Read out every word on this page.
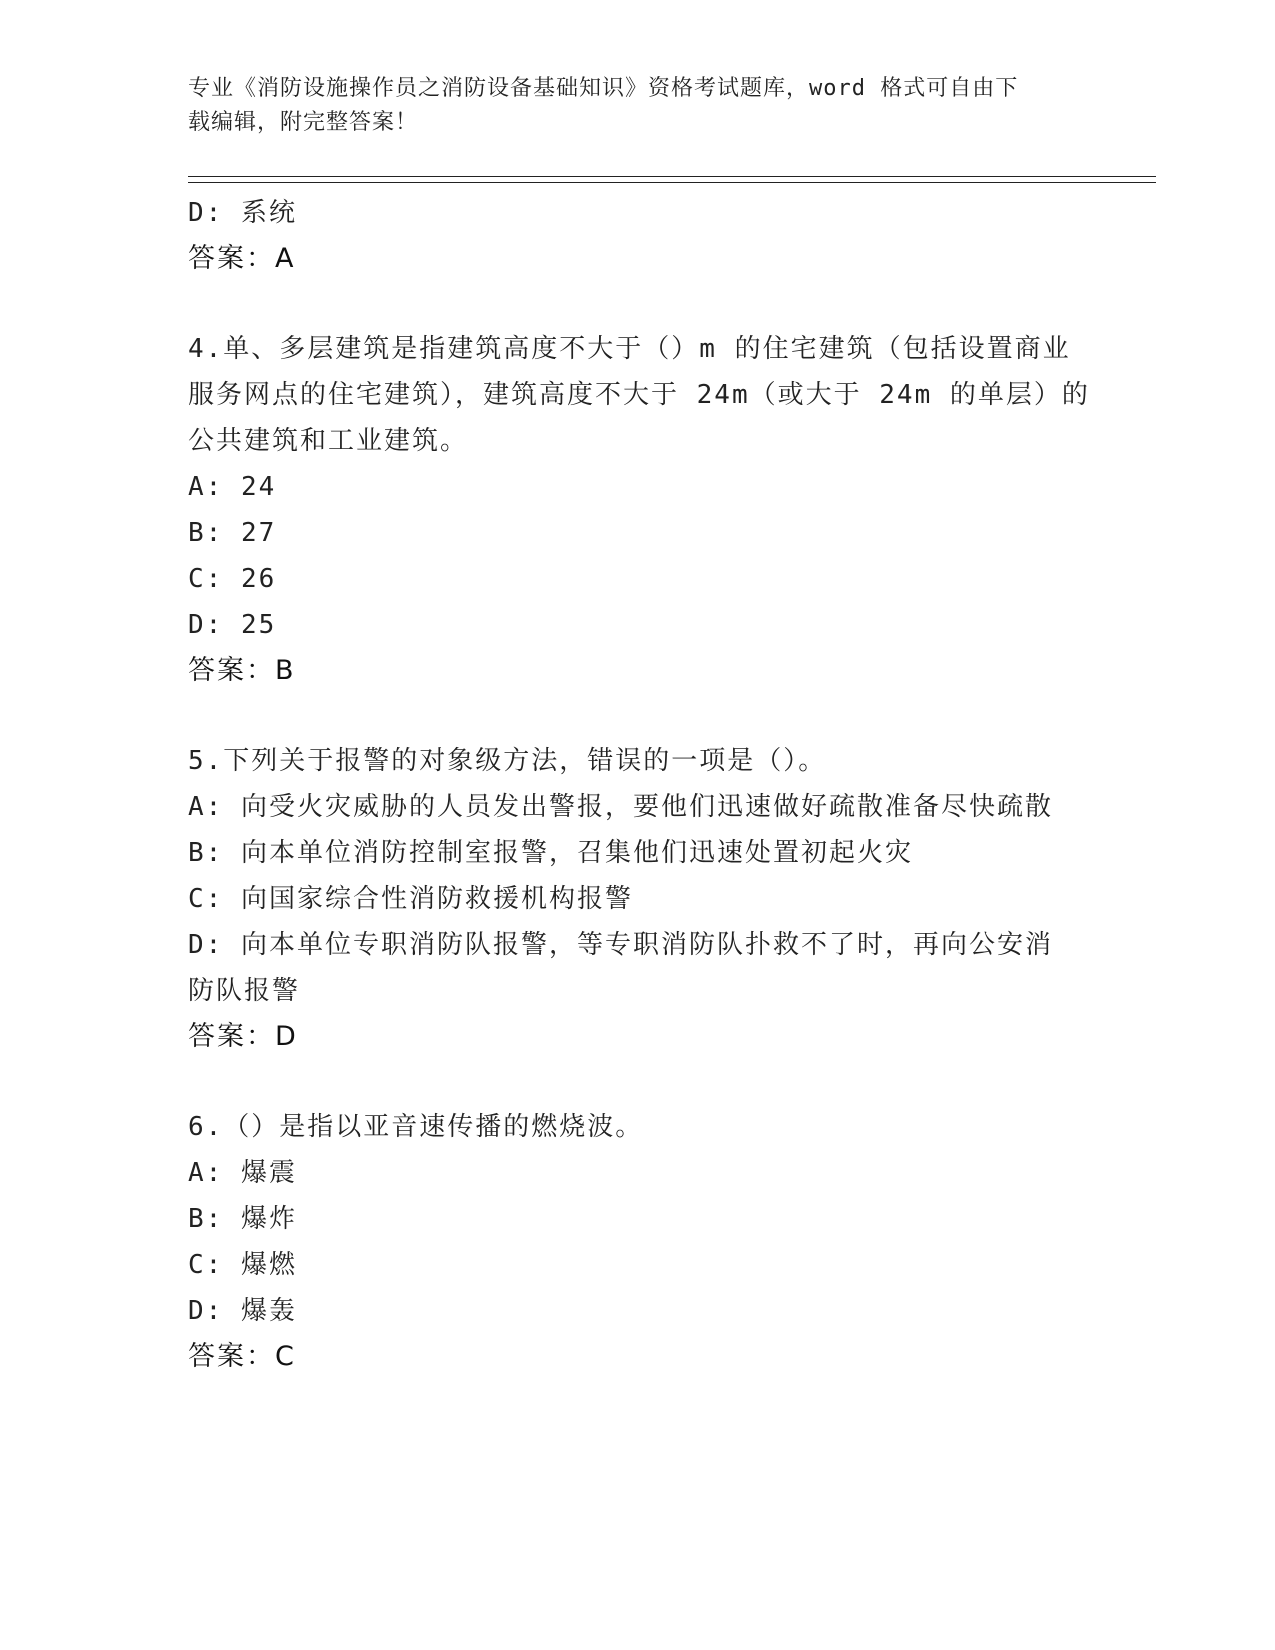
专业《消防设施操作员之消防设备基础知识》资格考试题库，word 格式可自由下
载编辑，附完整答案！
D: 系统
答案：A
4.单、多层建筑是指建筑高度不大于（）m 的住宅建筑（包括设置商业
服务网点的住宅建筑），建筑高度不大于 24m（或大于 24m 的单层）的
公共建筑和工业建筑。
A: 24
B: 27
C: 26
D: 25
答案：B
5.下列关于报警的对象级方法，错误的一项是（）。
A: 向受火灾威胁的人员发出警报，要他们迅速做好疏散准备尽快疏散
B: 向本单位消防控制室报警，召集他们迅速处置初起火灾
C: 向国家综合性消防救援机构报警
D: 向本单位专职消防队报警，等专职消防队扑救不了时，再向公安消
防队报警
答案：D
6.（）是指以亚音速传播的燃烧波。
A: 爆震
B: 爆炸
C: 爆燃
D: 爆轰
答案：C
